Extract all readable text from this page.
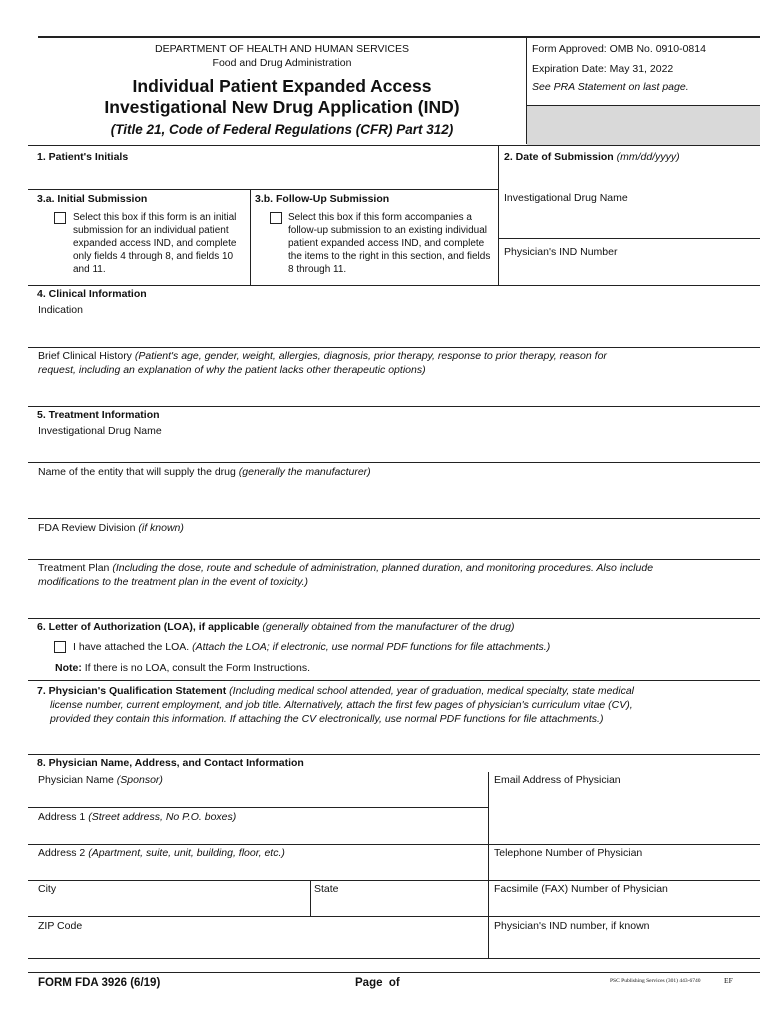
DEPARTMENT OF HEALTH AND HUMAN SERVICES
Food and Drug Administration
Individual Patient Expanded Access
Investigational New Drug Application (IND)
(Title 21, Code of Federal Regulations (CFR) Part 312)
Form Approved: OMB No. 0910-0814
Expiration Date: May 31, 2022
See PRA Statement on last page.
1. Patient's Initials	2. Date of Submission (mm/dd/yyyy)
3.a. Initial Submission
Select this box if this form is an initial submission for an individual patient expanded access IND, and complete only fields 4 through 8, and fields 10 and 11.
3.b. Follow-Up Submission
Select this box if this form accompanies a follow-up submission to an existing individual patient expanded access IND, and complete the items to the right in this section, and fields 8 through 11.
Investigational Drug Name
Physician's IND Number
4. Clinical Information
Indication
Brief Clinical History (Patient's age, gender, weight, allergies, diagnosis, prior therapy, response to prior therapy, reason for
request, including an explanation of why the patient lacks other therapeutic options)
5. Treatment Information
Investigational Drug Name
Name of the entity that will supply the drug (generally the manufacturer)
FDA Review Division (if known)
Treatment Plan (Including the dose, route and schedule of administration, planned duration, and monitoring procedures. Also include
modifications to the treatment plan in the event of toxicity.)
6. Letter of Authorization (LOA), if applicable (generally obtained from the manufacturer of the drug)
I have attached the LOA. (Attach the LOA; if electronic, use normal PDF functions for file attachments.)
Note: If there is no LOA, consult the Form Instructions.
7. Physician's Qualification Statement (Including medical school attended, year of graduation, medical specialty, state medical
license number, current employment, and job title. Alternatively, attach the first few pages of physician's curriculum vitae (CV),
provided they contain this information. If attaching the CV electronically, use normal PDF functions for file attachments.)
8. Physician Name, Address, and Contact Information
Physician Name (Sponsor)	Email Address of Physician
Address 1 (Street address, No P.O. boxes)
Address 2 (Apartment, suite, unit, building, floor, etc.)	Telephone Number of Physician
City	State	Facsimile (FAX) Number of Physician
ZIP Code	Physician's IND number, if known
FORM FDA 3926 (6/19)	Page  of	PSC Publishing Services (301) 443-6740	EF
